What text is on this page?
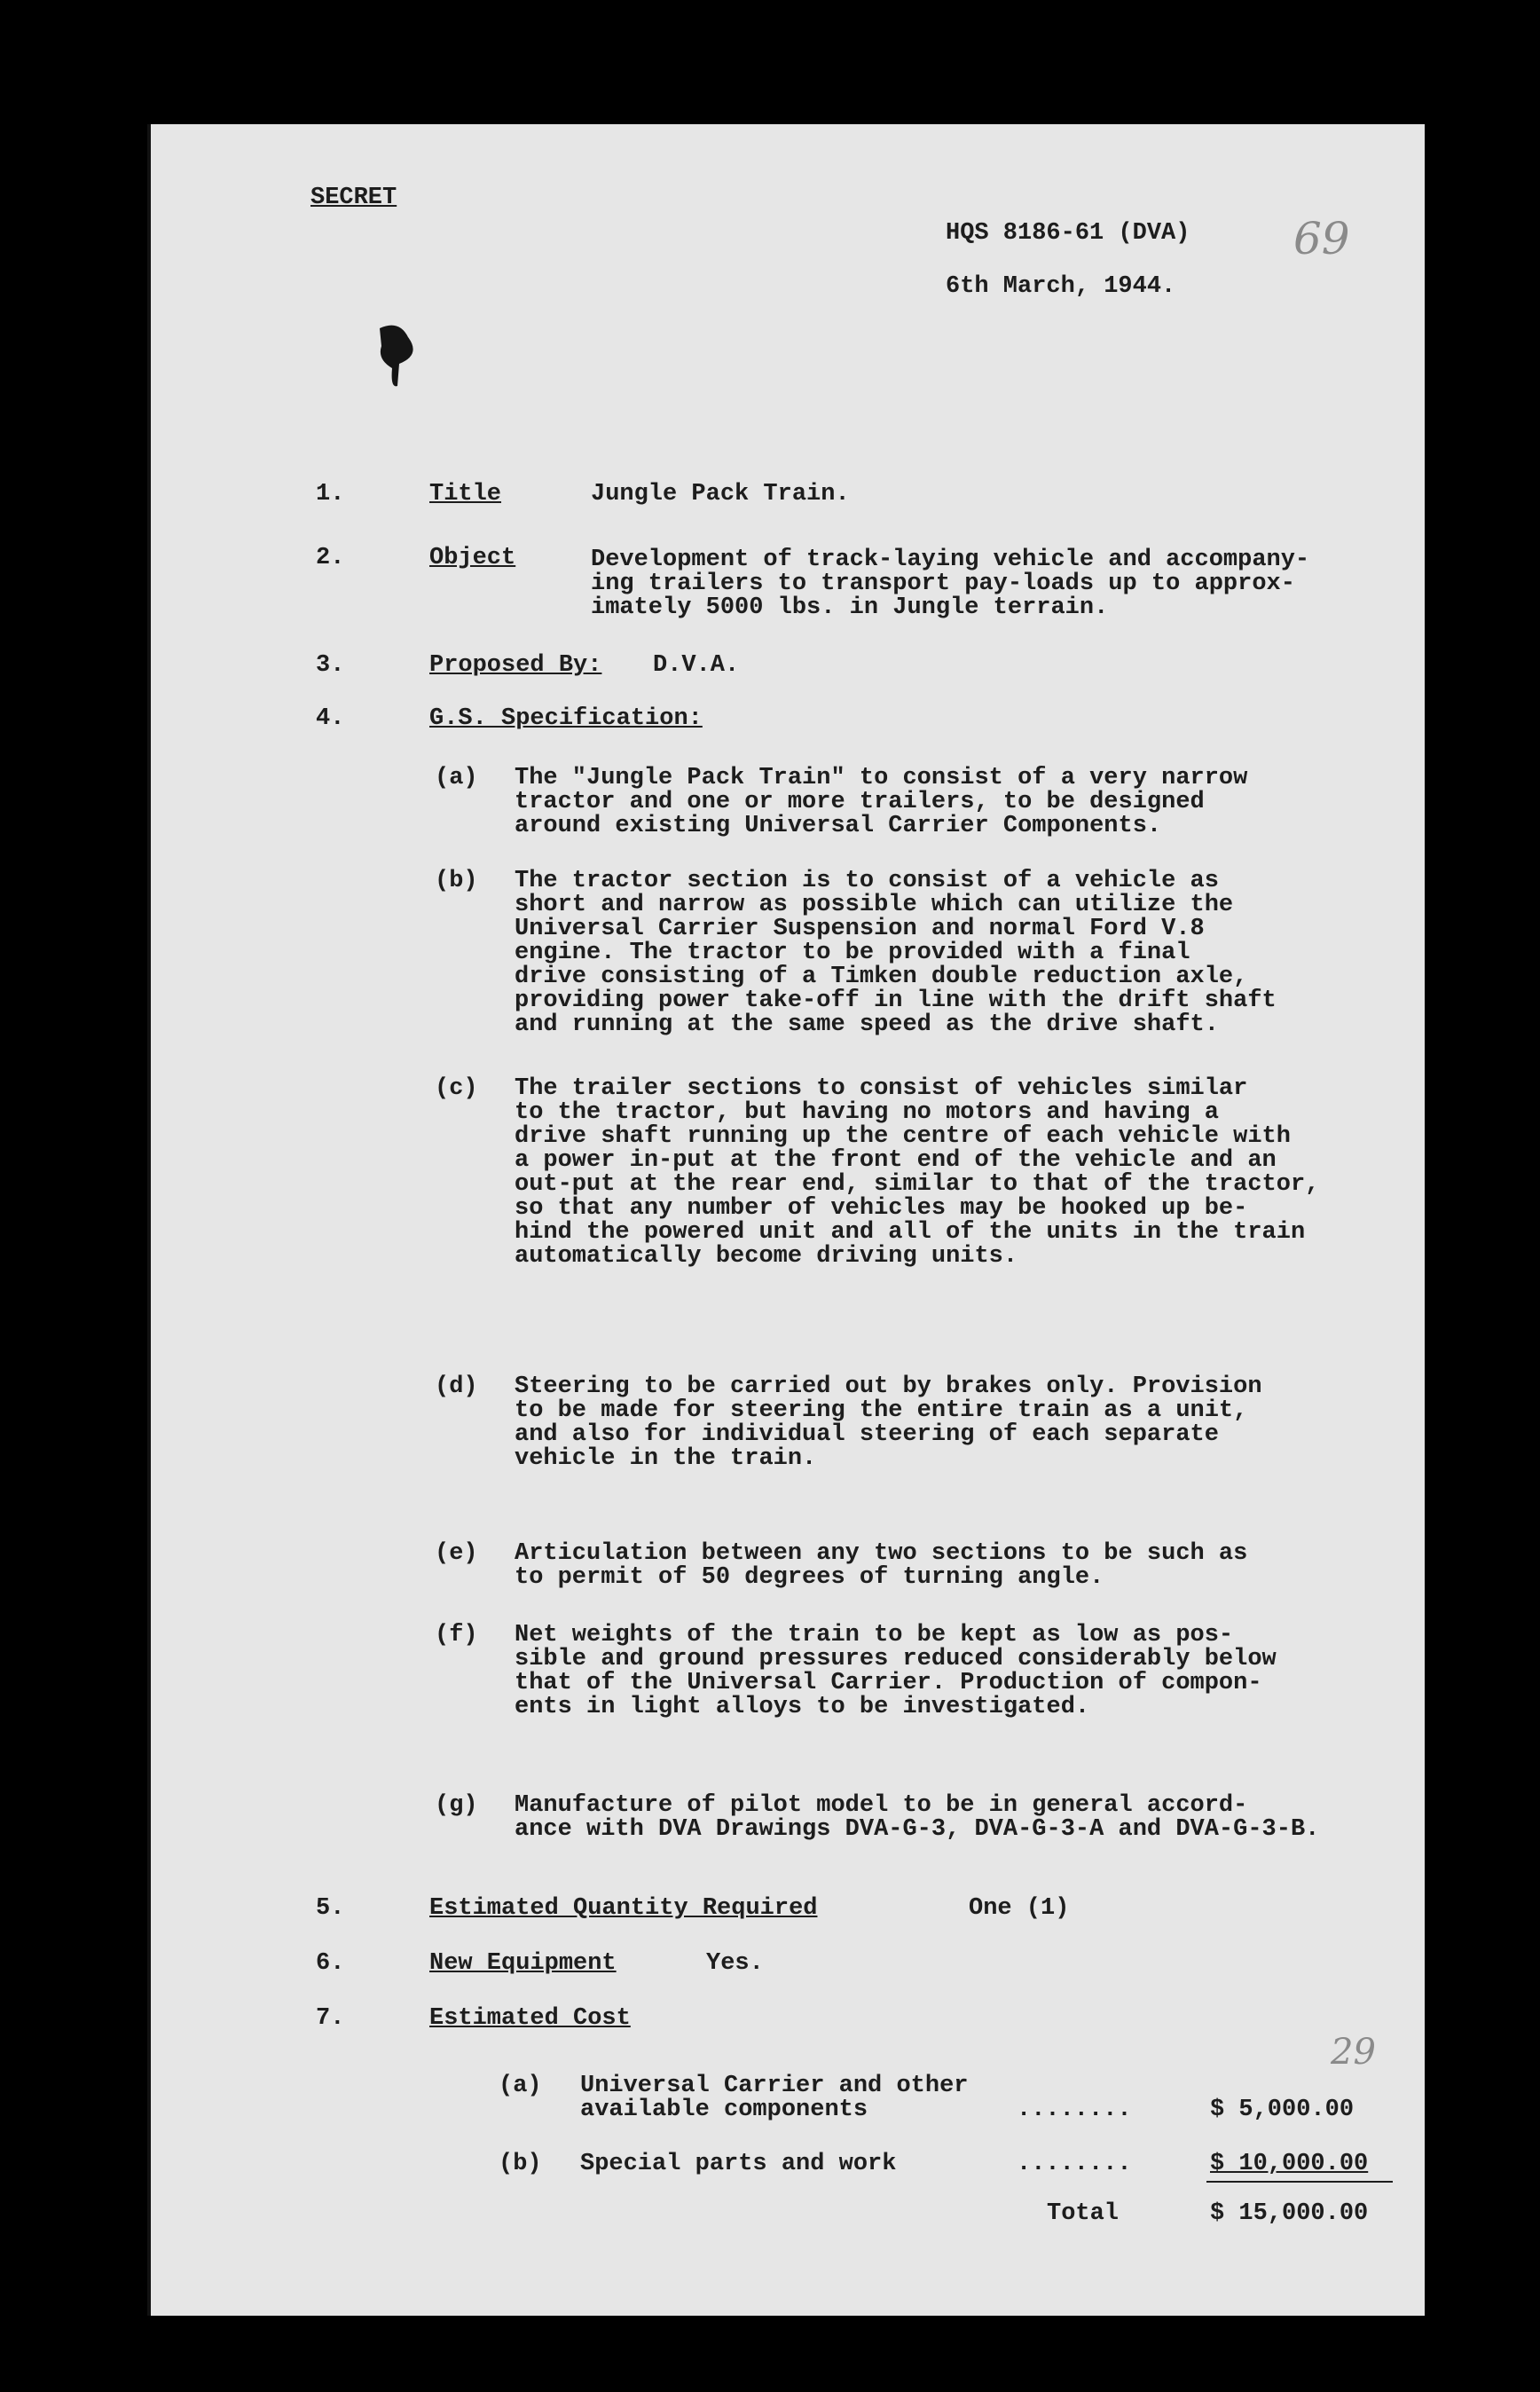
SECRET
HQS 8186-61 (DVA)
6th March, 1944.
69
1.	Title	Jungle Pack Train.
2.	Object	Development of track-laying vehicle and accompany-
ing trailers to transport pay-loads up to approx-
imately 5000 lbs. in Jungle terrain.
3.	Proposed By: D.V.A.
4.	G.S. Specification:
(a) The "Jungle Pack Train" to consist of a very narrow
tractor and one or more trailers, to be designed
around existing Universal Carrier Components.
(b) The tractor section is to consist of a vehicle as
short and narrow as possible which can utilize the
Universal Carrier Suspension and normal Ford V.8
engine. The tractor to be provided with a final
drive consisting of a Timken double reduction axle,
providing power take-off in line with the drift shaft
and running at the same speed as the drive shaft.
(c) The trailer sections to consist of vehicles similar
to the tractor, but having no motors and having a
drive shaft running up the centre of each vehicle with
a power in-put at the front end of the vehicle and an
out-put at the rear end, similar to that of the tractor,
so that any number of vehicles may be hooked up be-
hind the powered unit and all of the units in the train
automatically become driving units.
(d) Steering to be carried out by brakes only. Provision
to be made for steering the entire train as a unit,
and also for individual steering of each separate
vehicle in the train.
(e) Articulation between any two sections to be such as
to permit of 50 degrees of turning angle.
(f) Net weights of the train to be kept as low as pos-
sible and ground pressures reduced considerably below
that of the Universal Carrier. Production of compon-
ents in light alloys to be investigated.
(g) Manufacture of pilot model to be in general accord-
ance with DVA Drawings DVA-G-3, DVA-G-3-A and DVA-G-3-B.
5.	Estimated Quantity Required	One (1)
6.	New Equipment	Yes.
7.	Estimated Cost
29
(a) Universal Carrier and other
available components	........	$ 5,000.00
(b) Special parts and work	........	$ 10,000.00
Total	$ 15,000.00
